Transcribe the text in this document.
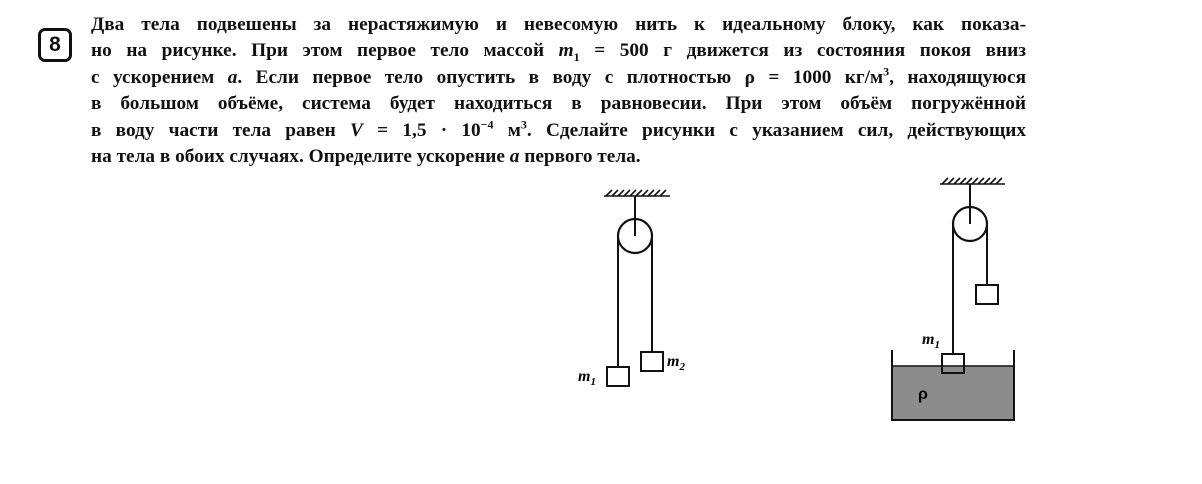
8
Два тела подвешены за нерастяжимую и невесомую нить к идеальному блоку, как показа-
но на рисунке. При этом первое тело массой $m_1 = 500$ г движется из состояния покоя вниз
с ускорением a. Если первое тело опустить в воду с плотностью ρ = 1000 $кг/м^3$, находящуюся
в большом объёме, система будет находиться в равновесии. При этом объём погружённой
в воду части тела равен $V = 1,5 \cdot 10^{-4}$ $м^3$. Сделайте рисунки с указанием сил, действующих
на тела в обоих случаях. Определите ускорение a первого тела.
$m_1$
$m_2$
$m_1$
ρ
